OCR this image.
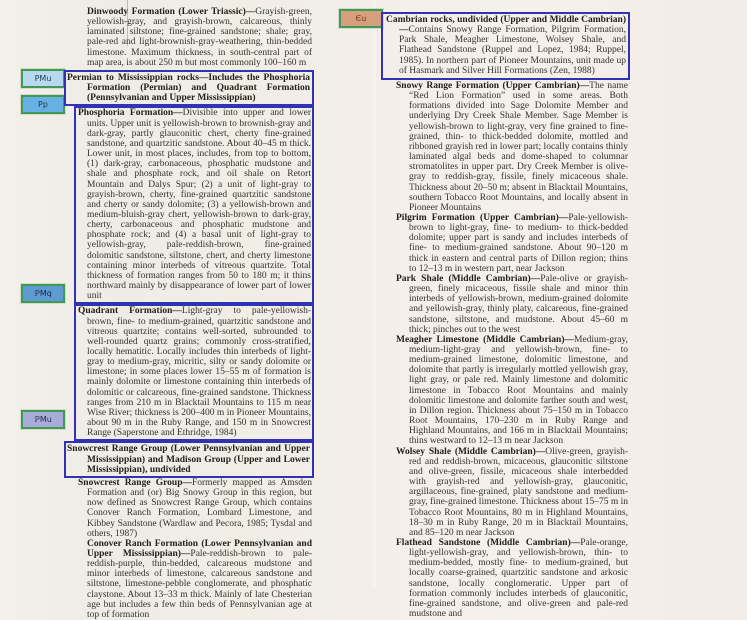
PMu
Pp
ℙMq
ℙMu
Єu

Dinwoody Formation (Lower Triassic)—Grayish-green, yellowish-gray, and grayish-brown, calcareous, thinly laminated siltstone; fine-grained sandstone; shale; gray, pale-red and light-brownish-gray-weathering, thin-bedded limestone. Maximum thickness, in south-central part of map area, is about 250 m but most commonly 100–160 m

Permian to Mississippian rocks—Includes the Phosphoria Formation (Permian) and Quadrant Formation (Pennsylvanian and Upper Mississippian)

Phosphoria Formation—Divisible into upper and lower units. Upper unit is yellowish-brown to brownish-gray and dark-gray, partly glauconitic chert, cherty fine-grained sandstone, and quartzitic sandstone. About 40–45 m thick. Lower unit, in most places, includes, from top to bottom, (1) dark-gray, carbonaceous, phosphatic mudstone and shale and phosphate rock, and oil shale on Retort Mountain and Dalys Spur; (2) a unit of light-gray to grayish-brown, cherty, fine-grained quartzitic sandstone and cherty or sandy dolomite; (3) a yellowish-brown and medium-bluish-gray chert, yellowish-brown to dark-gray, cherty, carbonaceous and phosphatic mudstone and phosphate rock; and (4) a basal unit of light-gray to yellowish-gray, pale-reddish-brown, fine-grained dolomitic sandstone, siltstone, chert, and cherty limestone containing minor interbeds of vitreous quartzite. Total thickness of formation ranges from 50 to 180 m; it thins northward mainly by disappearance of lower part of lower unit

Quadrant Formation—Light-gray to pale-yellowish-brown, fine- to medium-grained, quartzitic sandstone and vitreous quartzite; contains well-sorted, subrounded to well-rounded quartz grains; commonly cross-stratified, locally hematitic. Locally includes thin interbeds of light-gray to medium-gray, micritic, silty or sandy dolomite or limestone; in some places lower 15–55 m of formation is mainly dolomite or limestone containing thin interbeds of dolomitic or calcareous, fine-grained sandstone. Thickness ranges from 210 m in Blacktail Mountains to 115 m near Wise River; thickness is 200–400 m in Pioneer Mountains, about 90 m in the Ruby Range, and 150 m in Snowcrest Range (Saperstone and Ethridge, 1984)

Snowcrest Range Group (Lower Pennsylvanian and Upper Mississippian) and Madison Group (Upper and Lower Mississippian), undivided

Snowcrest Range Group—Formerly mapped as Amsden Formation and (or) Big Snowy Group in this region, but now defined as Snowcrest Range Group, which contains Conover Ranch Formation, Lombard Limestone, and Kibbey Sandstone (Wardlaw and Pecora, 1985; Tysdal and others, 1987)

Conover Ranch Formation (Lower Pennsylvanian and Upper Mississippian)—Pale-reddish-brown to pale-reddish-purple, thin-bedded, calcareous mudstone and minor interbeds of limestone, calcareous sandstone and siltstone, limestone-pebble conglomerate, and phosphatic claystone. About 13–33 m thick. Mainly of late Chesterian age but includes a few thin beds of Pennsylvanian age at top of formation

Cambrian rocks, undivided (Upper and Middle Cambrian)—Contains Snowy Range Formation, Pilgrim Formation, Park Shale, Meagher Limestone, Wolsey Shale, and Flathead Sandstone (Ruppel and Lopez, 1984; Ruppel, 1985). In northern part of Pioneer Mountains, unit made up of Hasmark and Silver Hill Formations (Zen, 1988)

Snowy Range Formation (Upper Cambrian)—The name “Red Lion Formation” used in some areas. Both formations divided into Sage Dolomite Member and underlying Dry Creek Shale Member. Sage Member is yellowish-brown to light-gray, very fine grained to fine-grained, thin- to thick-bedded dolomite, mottled and ribboned grayish red in lower part; locally contains thinly laminated algal beds and dome-shaped to columnar stromatolites in upper part. Dry Creek Member is olive-gray to reddish-gray, fissile, finely micaceous shale. Thickness about 20–50 m; absent in Blacktail Mountains, southern Tobacco Root Mountains, and locally absent in Pioneer Mountains

Pilgrim Formation (Upper Cambrian)—Pale-yellowish-brown to light-gray, fine- to medium- to thick-bedded dolomite; upper part is sandy and includes interbeds of fine- to medium-grained sandstone. About 90–120 m thick in eastern and central parts of Dillon region; thins to 12–13 m in western part, near Jackson

Park Shale (Middle Cambrian)—Pale-olive or grayish-green, finely micaceous, fissile shale and minor thin interbeds of yellowish-brown, medium-grained dolomite and yellowish-gray, thinly platy, calcareous, fine-grained sandstone, siltstone, and mudstone. About 45–60 m thick; pinches out to the west

Meagher Limestone (Middle Cambrian)—Medium-gray, medium-light-gray and yellowish-brown, fine- to medium-grained limestone, dolomitic limestone, and dolomite that partly is irregularly mottled yellowish gray, light gray, or pale red. Mainly limestone and dolomitic limestone in Tobacco Root Mountains and mainly dolomitic limestone and dolomite farther south and west, in Dillon region. Thickness about 75–150 m in Tobacco Root Mountains, 170–230 m in Ruby Range and Highland Mountains, and 166 m in Blacktail Mountains; thins westward to 12–13 m near Jackson

Wolsey Shale (Middle Cambrian)—Olive-green, grayish-red and reddish-brown, micaceous, glauconitic siltstone and olive-green, fissile, micaceous shale interbedded with grayish-red and yellowish-gray, glauconitic, argillaceous, fine-grained, platy sandstone and medium-gray, fine-grained limestone. Thickness about 15–75 m in Tobacco Root Mountains, 80 m in Highland Mountains, 18–30 m in Ruby Range, 20 m in Blacktail Mountains, and 85–120 m near Jackson

Flathead Sandstone (Middle Cambrian)—Pale-orange, light-yellowish-gray, and yellowish-brown, thin- to medium-bedded, mostly fine- to medium-grained, but locally coarse-grained, quartzitic sandstone and arkosic sandstone, locally conglomeratic. Upper part of formation commonly includes interbeds of glauconitic, fine-grained sandstone, and olive-green and pale-red mudstone and
